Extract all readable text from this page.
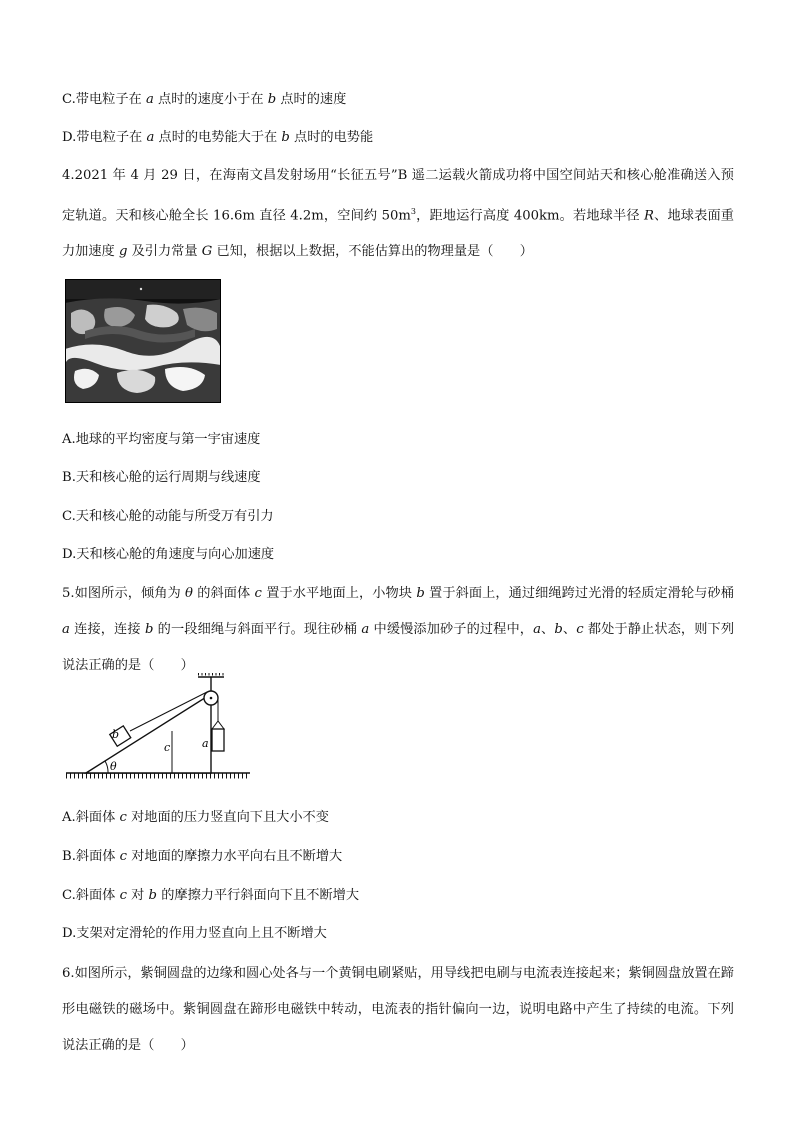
C.带电粒子在 a 点时的速度小于在 b 点时的速度
D.带电粒子在 a 点时的电势能大于在 b 点时的电势能
4.2021 年 4 月 29 日，在海南文昌发射场用“长征五号”B 遥二运载火箭成功将中国空间站天和核心舱准确送入预定轨道。天和核心舱全长 16.6m 直径 4.2m，空间约 $50m^3$，距地运行高度 400km。若地球半径 R、地球表面重力加速度 g 及引力常量 G 已知，根据以上数据，不能估算出的物理量是（　　）
A.地球的平均密度与第一宇宙速度
B.天和核心舱的运行周期与线速度
C.天和核心舱的动能与所受万有引力
D.天和核心舱的角速度与向心加速度
5.如图所示，倾角为 θ 的斜面体 c 置于水平地面上，小物块 b 置于斜面上，通过细绳跨过光滑的轻质定滑轮与砂桶 a 连接，连接 b 的一段细绳与斜面平行。现往砂桶 a 中缓慢添加砂子的过程中，a、b、c 都处于静止状态，则下列说法正确的是（　　）
b
c	a
θ
A.斜面体 c 对地面的压力竖直向下且大小不变
B.斜面体 c 对地面的摩擦力水平向右且不断增大
C.斜面体 c 对 b 的摩擦力平行斜面向下且不断增大
D.支架对定滑轮的作用力竖直向上且不断增大
6.如图所示，紫铜圆盘的边缘和圆心处各与一个黄铜电刷紧贴，用导线把电刷与电流表连接起来；紫铜圆盘放置在蹄形电磁铁的磁场中。紫铜圆盘在蹄形电磁铁中转动，电流表的指针偏向一边，说明电路中产生了持续的电流。下列说法正确的是（　　）
